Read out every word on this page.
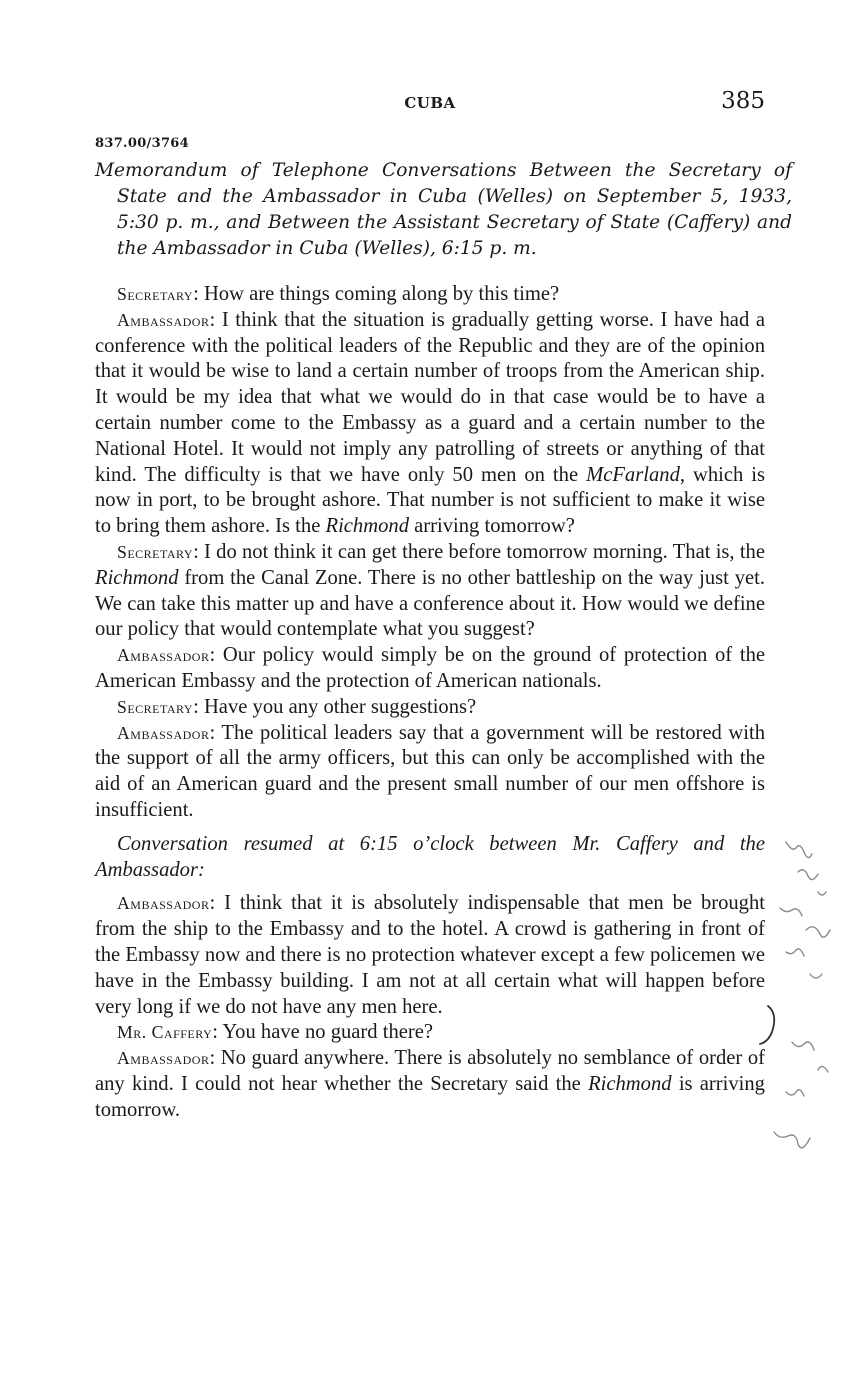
CUBA	385
837.00/3764
Memorandum of Telephone Conversations Between the Secretary of State and the Ambassador in Cuba (Welles) on September 5, 1933, 5:30 p. m., and Between the Assistant Secretary of State (Caffery) and the Ambassador in Cuba (Welles), 6:15 p. m.

Secretary: How are things coming along by this time?

Ambassador: I think that the situation is gradually getting worse. I have had a conference with the political leaders of the Republic and they are of the opinion that it would be wise to land a certain number of troops from the American ship. It would be my idea that what we would do in that case would be to have a certain number come to the Embassy as a guard and a certain number to the National Hotel. It would not imply any patrolling of streets or anything of that kind. The difficulty is that we have only 50 men on the McFarland, which is now in port, to be brought ashore. That number is not sufficient to make it wise to bring them ashore. Is the Richmond arriving tomorrow?

Secretary: I do not think it can get there before tomorrow morning. That is, the Richmond from the Canal Zone. There is no other battleship on the way just yet. We can take this matter up and have a conference about it. How would we define our policy that would contemplate what you suggest?

Ambassador: Our policy would simply be on the ground of protection of the American Embassy and the protection of American nationals.

Secretary: Have you any other suggestions?

Ambassador: The political leaders say that a government will be restored with the support of all the army officers, but this can only be accomplished with the aid of an American guard and the present small number of our men offshore is insufficient.

Conversation resumed at 6:15 o’clock between Mr. Caffery and the Ambassador:

Ambassador: I think that it is absolutely indispensable that men be brought from the ship to the Embassy and to the hotel. A crowd is gathering in front of the Embassy now and there is no protection whatever except a few policemen we have in the Embassy building. I am not at all certain what will happen before very long if we do not have any men here.

Mr. Caffery: You have no guard there?

Ambassador: No guard anywhere. There is absolutely no semblance of order of any kind. I could not hear whether the Secretary said the Richmond is arriving tomorrow.
